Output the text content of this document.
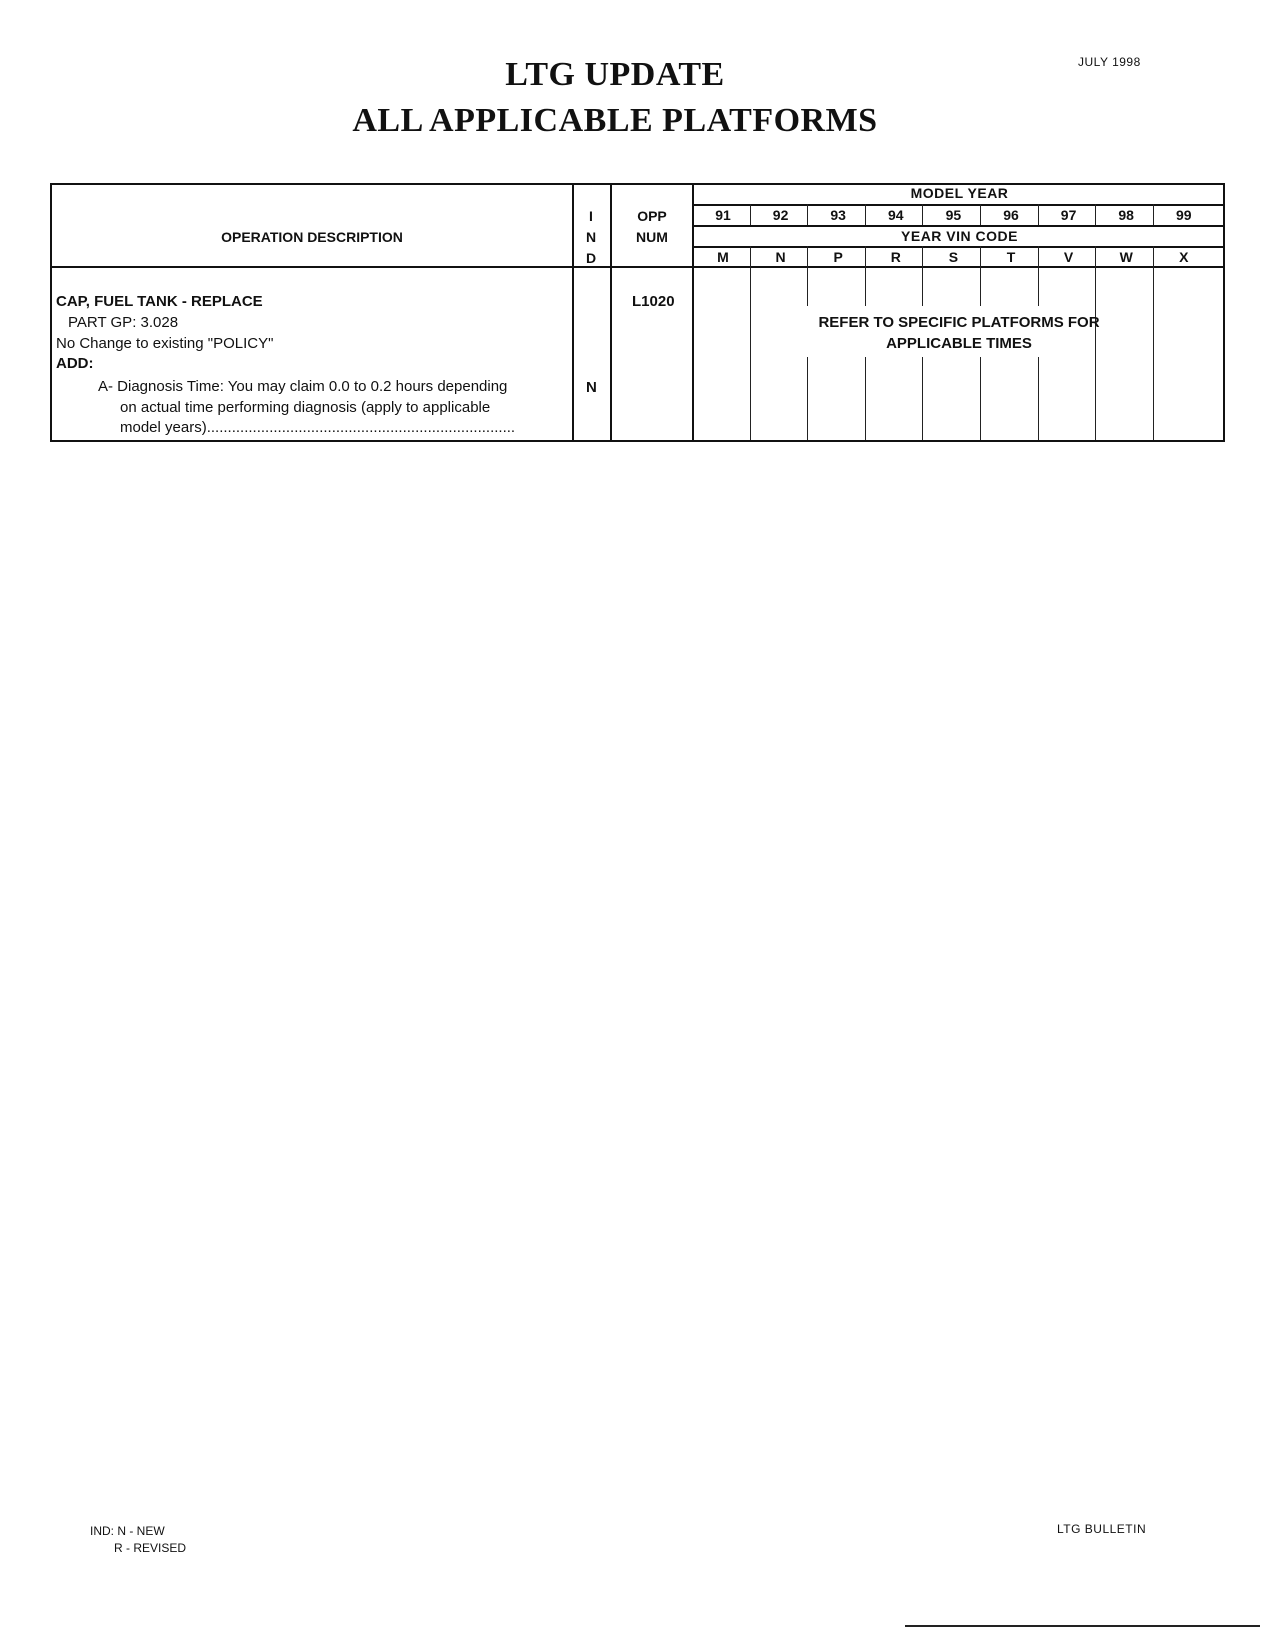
LTG UPDATE
ALL APPLICABLE PLATFORMS
JULY 1998
OPERATION DESCRIPTION
I
N
D
OPP
NUM
MODEL YEAR
YEAR VIN CODE
91
M
92
N
93
P
94
R
95
S
96
T
97
V
98
W
99
X
CAP, FUEL TANK - REPLACE
PART GP: 3.028
No Change to existing "POLICY"
ADD:
A- Diagnosis Time: You may claim 0.0 to 0.2 hours depending
on actual time performing diagnosis (apply to applicable
model years)..........................................................................
N
L1020
REFER TO SPECIFIC PLATFORMS FOR
APPLICABLE TIMES
IND: N - NEW
R - REVISED
LTG BULLETIN
